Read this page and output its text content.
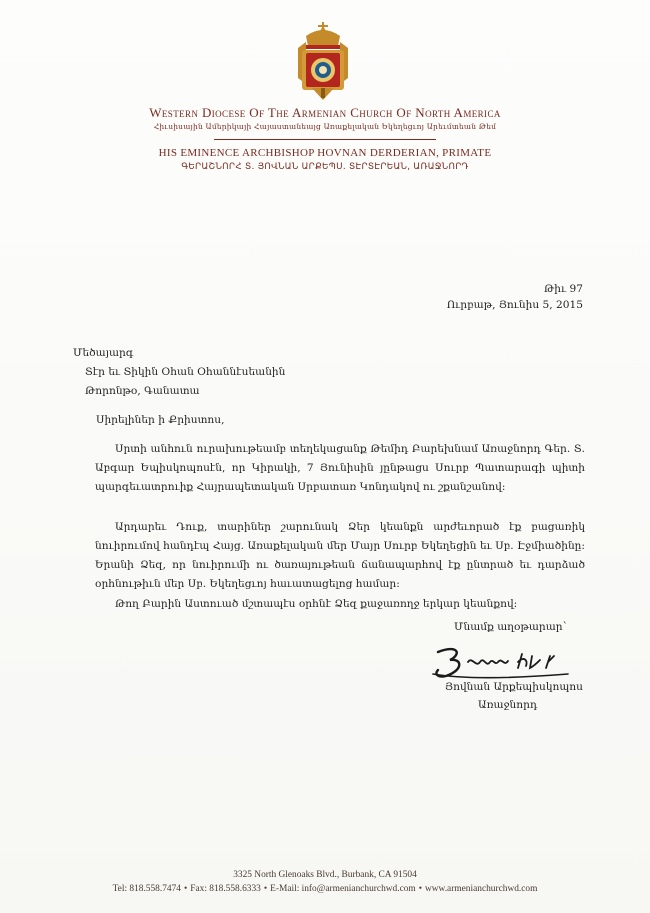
Western Diocese Of The Armenian Church Of North America
Հիւսիսային Ամերիկայի Հայաստանեայց Առաքելական Եկեղեցւոյ Արեւմտեան Թեմ
HIS EMINENCE ARCHBISHOP HOVNAN DERDERIAN, PRIMATE
ԳԵՐԱՇՆՈՐՀ Տ. ՅՈՎՆԱՆ ԱՐՔԵՊՍ. ՏԷՐՏԷՐԵԱՆ, ԱՌԱՋՆՈՐԴ
Թիւ 97
Ուրբաթ, Յունիս 5, 2015
Մեծայարգ
Տէր եւ Տիկին Օհան Օհաննէսեանին
Թորոնթօ, Գանատա
Սիրելիներ ի Քրիստոս,
Սրտի անհուն ուրախութեամբ տեղեկացանք Թեմիդ Բարեխնամ Առաջնորդ Գեր. Տ. Աբգար Եպիսկոպոսէն, որ Կիրակի, 7 Յունիսին յընթացս Սուրբ Պատարագի պիտի պարգեւատրուիք Հայրապետական Սրբատառ Կոնդակով ու շքանշանով:
Արդարեւ Դուք, տարիներ շարունակ Ձեր կեանքն արժեւորած էք բացառիկ նուիրումով հանդէպ Հայց. Առաքելական մեր Մայր Սուրբ Եկեղեցին եւ Սբ. Էջմիածինը: Երանի Ձեզ, որ նուիրումի ու ծառայութեան ճանապարհով էք ընտրած եւ դարձած օրհնութիւն մեր Սբ. Եկեղեցւոյ հաւատացելոց համար:
Թող Բարին Աստուած մշտապէս օրհնէ Ձեզ քաջառողջ երկար կեանքով:
Մնամք աղօթարար՝
Յովնան Արքեպիսկոպոս
Առաջնորդ
3325 North Glenoaks Blvd., Burbank, CA 91504
Tel: 818.558.7474 • Fax: 818.558.6333 • E-Mail: info@armenianchurchwd.com • www.armenianchurchwd.com
